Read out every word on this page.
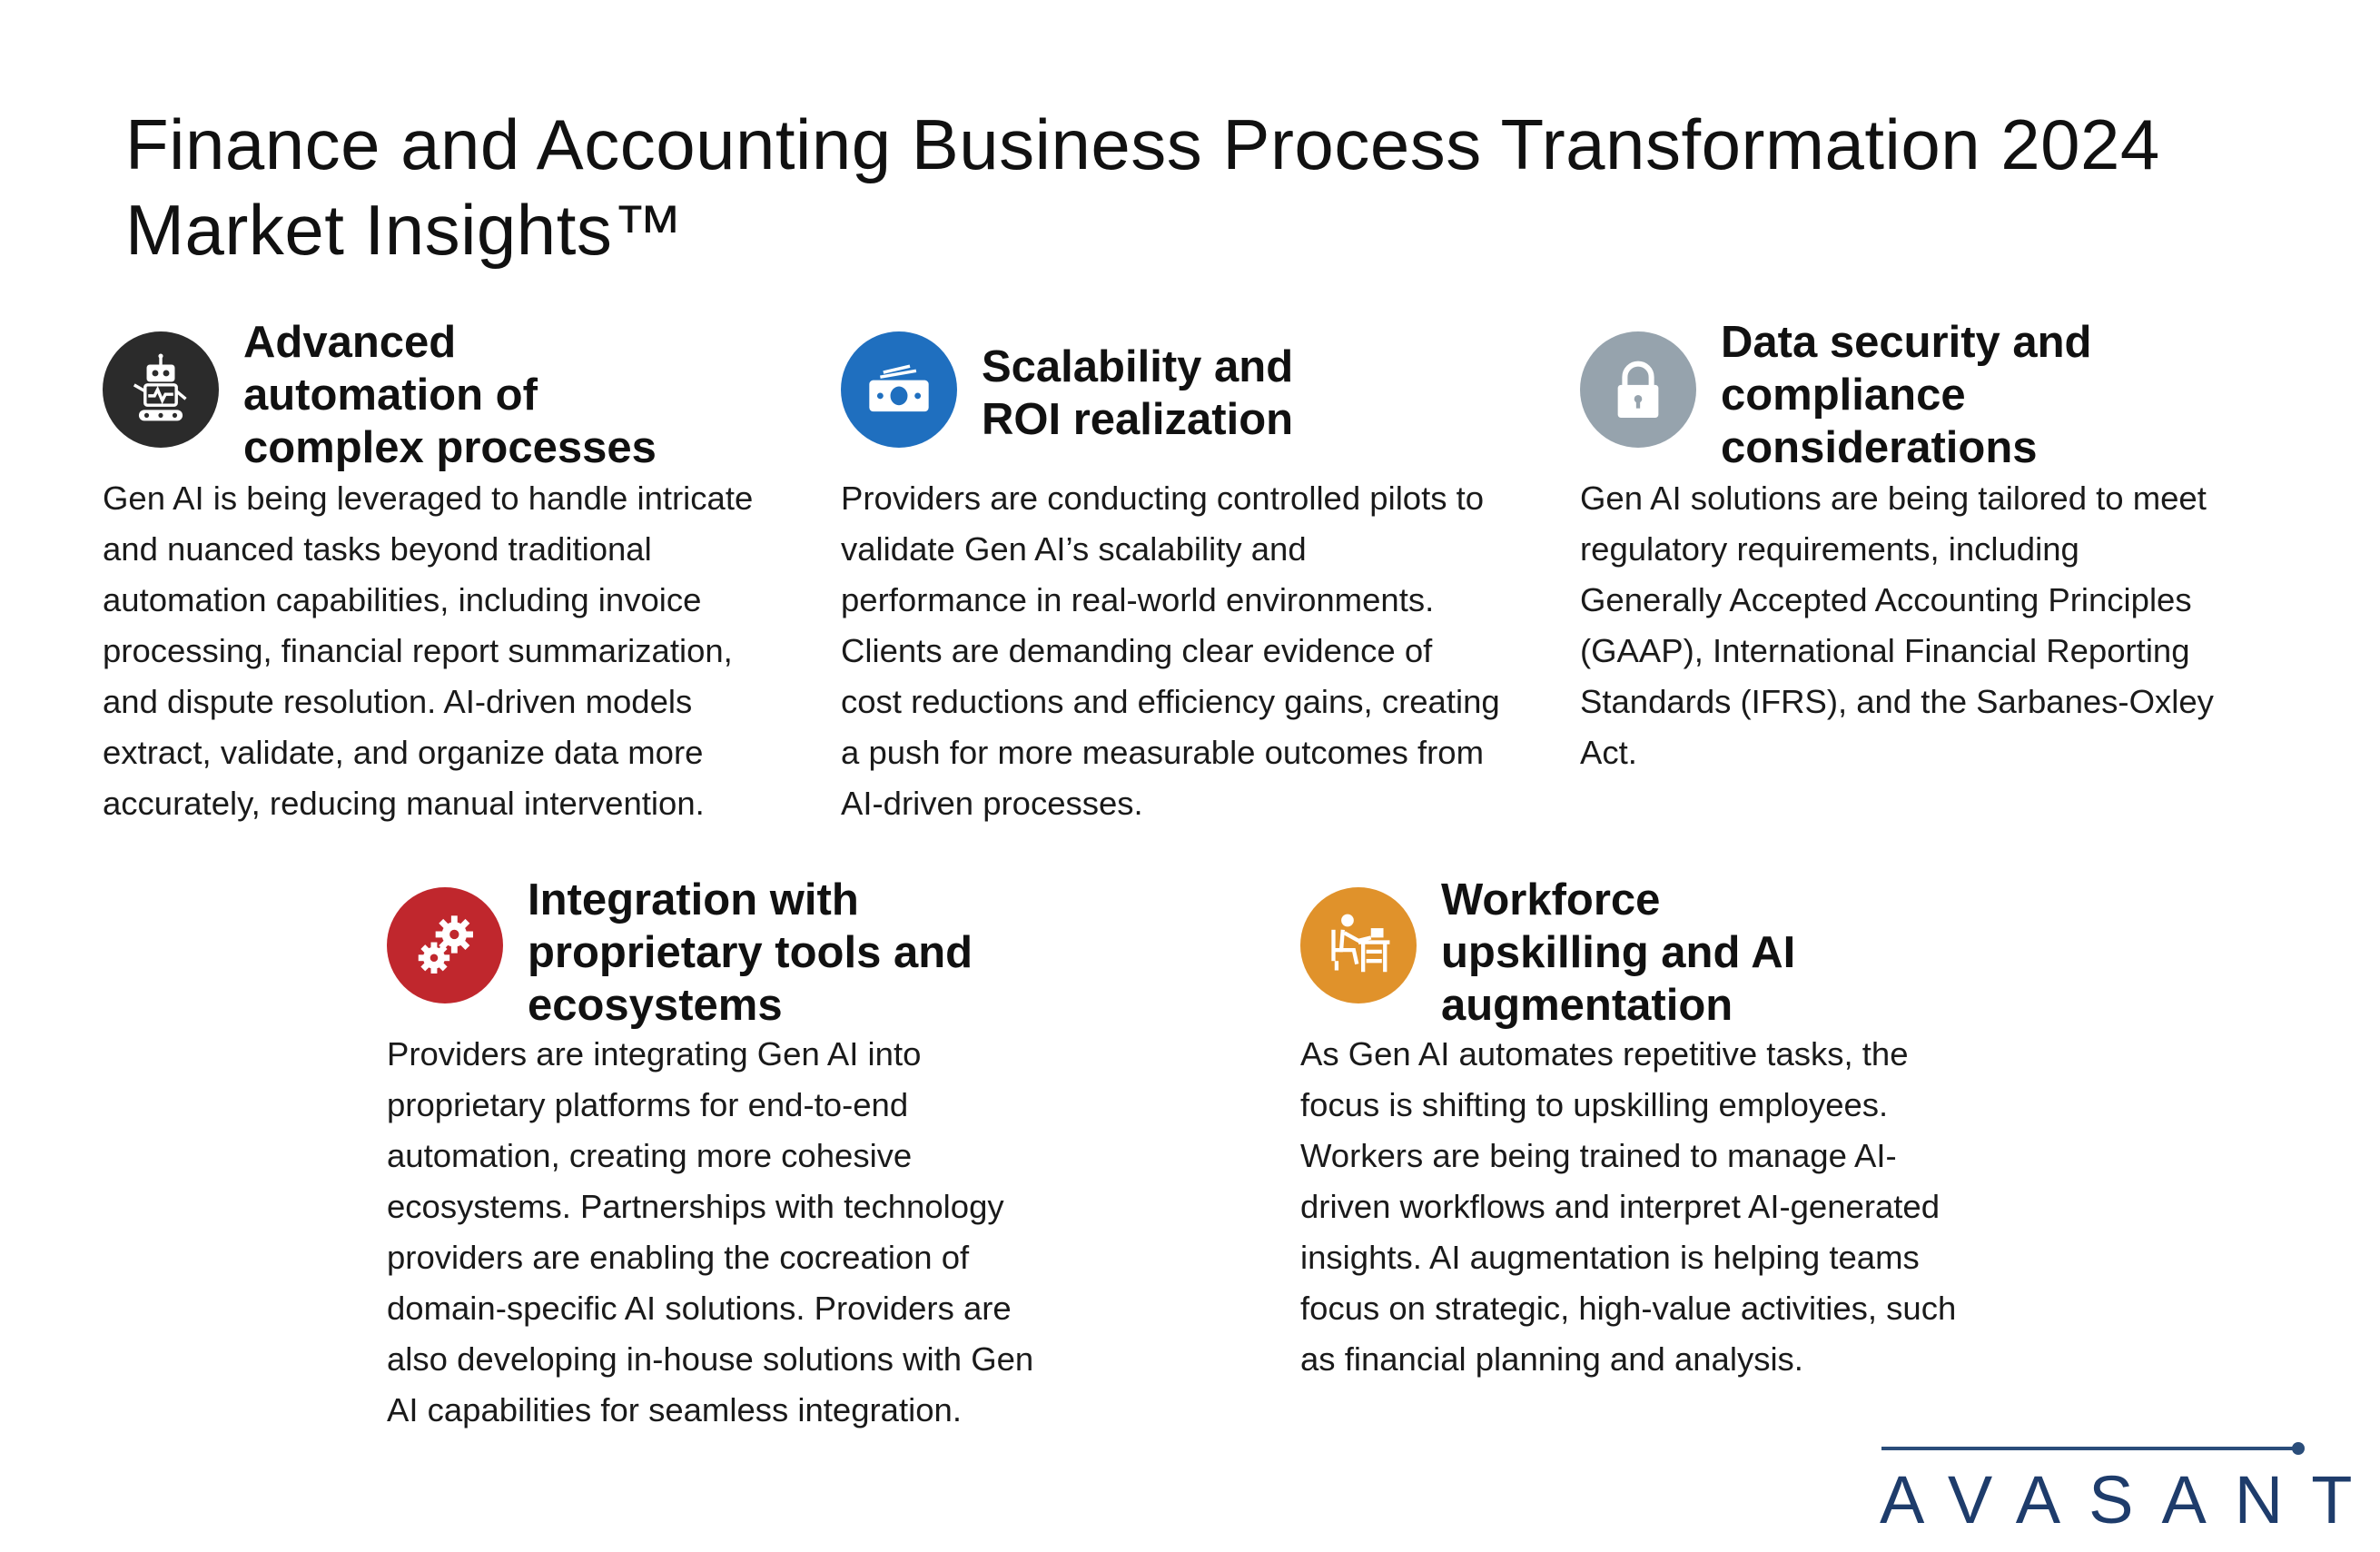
Finance and Accounting Business Process Transformation 2024
Market Insights™
Advanced
automation of
complex processes

Gen AI is being leveraged to handle intricate
and nuanced tasks beyond traditional
automation capabilities, including invoice
processing, financial report summarization,
and dispute resolution. AI-driven models
extract, validate, and organize data more
accurately, reducing manual intervention.

Scalability and
ROI realization

Providers are conducting controlled pilots to
validate Gen AI’s scalability and
performance in real-world environments.
Clients are demanding clear evidence of
cost reductions and efficiency gains, creating
a push for more measurable outcomes from
AI-driven processes.

Data security and
compliance
considerations

Gen AI solutions are being tailored to meet
regulatory requirements, including
Generally Accepted Accounting Principles
(GAAP), International Financial Reporting
Standards (IFRS), and the Sarbanes-Oxley
Act.

Integration with
proprietary tools and
ecosystems

Providers are integrating Gen AI into
proprietary platforms for end-to-end
automation, creating more cohesive
ecosystems. Partnerships with technology
providers are enabling the cocreation of
domain-specific AI solutions. Providers are
also developing in-house solutions with Gen
AI capabilities for seamless integration.

Workforce
upskilling and AI
augmentation

As Gen AI automates repetitive tasks, the
focus is shifting to upskilling employees.
Workers are being trained to manage AI-
driven workflows and interpret AI-generated
insights. AI augmentation is helping teams
focus on strategic, high-value activities, such
as financial planning and analysis.

AVASANT
